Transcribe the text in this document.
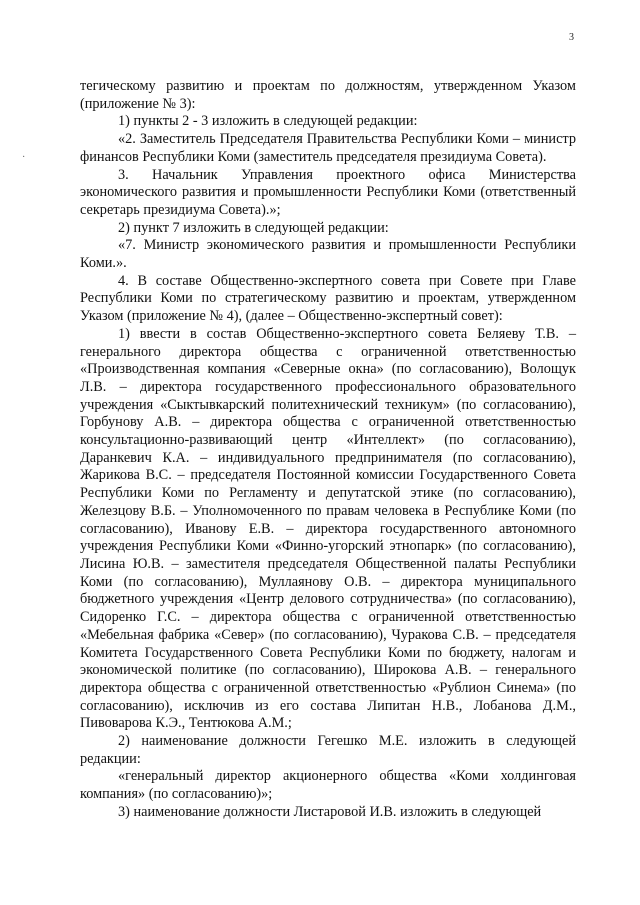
3
·

тегическому развитию и проектам по должностям, утвержденном Указом (приложение № 3):

1) пункты 2 - 3 изложить в следующей редакции:

«2. Заместитель Председателя Правительства Республики Коми – министр финансов Республики Коми (заместитель председателя президиума Совета).

3. Начальник Управления проектного офиса Министерства экономического развития и промышленности Республики Коми (ответственный секретарь президиума Совета).»;

2) пункт 7 изложить в следующей редакции:

«7. Министр экономического развития и промышленности Республики Коми.».

4. В составе Общественно-экспертного совета при Совете при Главе Республики Коми по стратегическому развитию и проектам, утвержденном Указом (приложение № 4), (далее – Общественно-экспертный совет):

1) ввести в состав Общественно-экспертного совета Беляеву Т.В. – генерального директора общества с ограниченной ответственностью «Производственная компания «Северные окна» (по согласованию), Волощук Л.В. – директора государственного профессионального образовательного учреждения «Сыктывкарский политехнический техникум» (по согласованию), Горбунову А.В. – директора общества с ограниченной ответственностью консультационно-развивающий центр «Интеллект» (по согласованию), Даранкевич К.А. – индивидуального предпринимателя (по согласованию), Жарикова В.С. – председателя Постоянной комиссии Государственного Совета Республики Коми по Регламенту и депутатской этике (по согласованию), Железцову В.Б. – Уполномоченного по правам человека в Республике Коми (по согласованию), Иванову Е.В. – директора государственного автономного учреждения Республики Коми «Финно-угорский этнопарк» (по согласованию), Лисина Ю.В. – заместителя председателя Общественной палаты Республики Коми (по согласованию), Муллаянову О.В. – директора муниципального бюджетного учреждения «Центр делового сотрудничества» (по согласованию), Сидоренко Г.С. – директора общества с ограниченной ответственностью «Мебельная фабрика «Север» (по согласованию), Чуракова С.В. – председателя Комитета Государственного Совета Республики Коми по бюджету, налогам и экономической политике (по согласованию), Широкова А.В. – генерального директора общества с ограниченной ответственностью «Рублион Синема» (по согласованию), исключив из его состава Липитан Н.В., Лобанова Д.М., Пивоварова К.Э., Тентюкова А.М.;

2) наименование должности Гегешко М.Е. изложить в следующей редакции:

«генеральный директор акционерного общества «Коми холдинговая компания» (по согласованию)»;

3) наименование должности Листаровой И.В. изложить в следующей
